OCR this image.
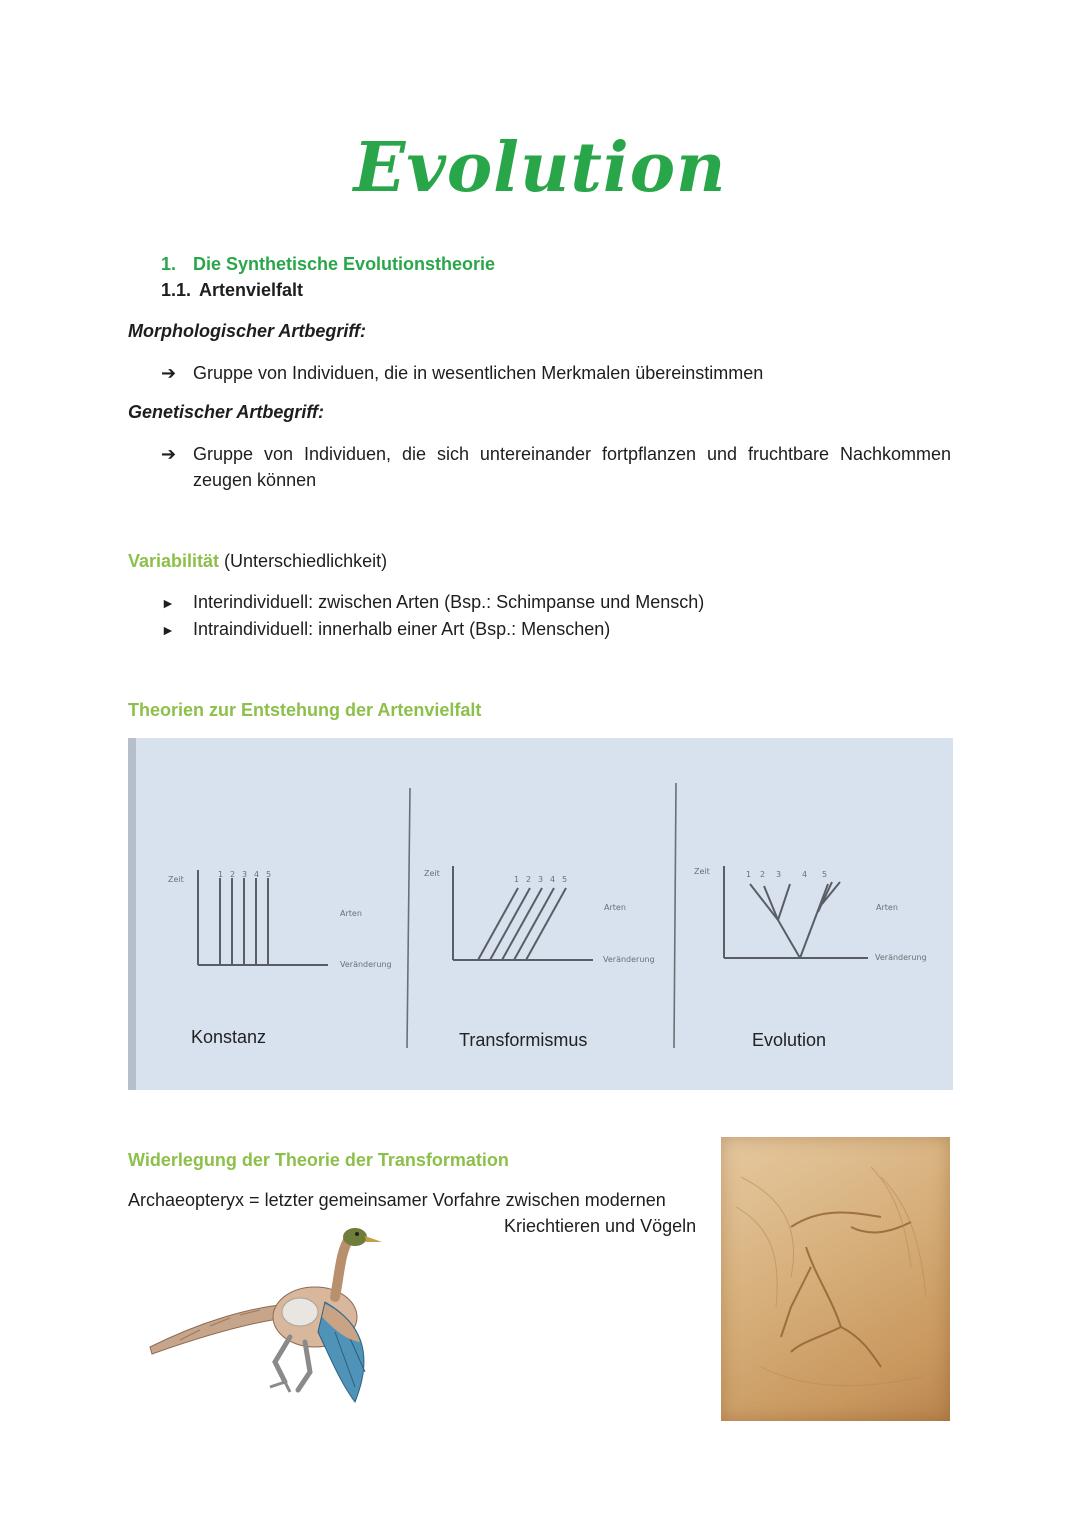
Evolution
1. Die Synthetische Evolutionstheorie
1.1. Artenvielfalt
Morphologischer Artbegriff:
➔ Gruppe von Individuen, die in wesentlichen Merkmalen übereinstimmen
Genetischer Artbegriff:
➔ Gruppe von Individuen, die sich untereinander fortpflanzen und fruchtbare Nachkommen zeugen können
Variabilität (Unterschiedlichkeit)
► Interindividuell: zwischen Arten (Bsp.: Schimpanse und Mensch)
► Intraindividuell: innerhalb einer Art (Bsp.: Menschen)
Theorien zur Entstehung der Artenvielfalt
Zeit
Arten
Veränderung
1 2 3 4 5	Zeit
Arten
Veränderung
1 2 3 4 5
Zeit
Arten
Veränderung
1 2 3	4 5
Konstanz	Transformismus	Evolution
Widerlegung der Theorie der Transformation
Archaeopteryx = letzter gemeinsamer Vorfahre zwischen modernen
Kriechtieren und Vögeln
